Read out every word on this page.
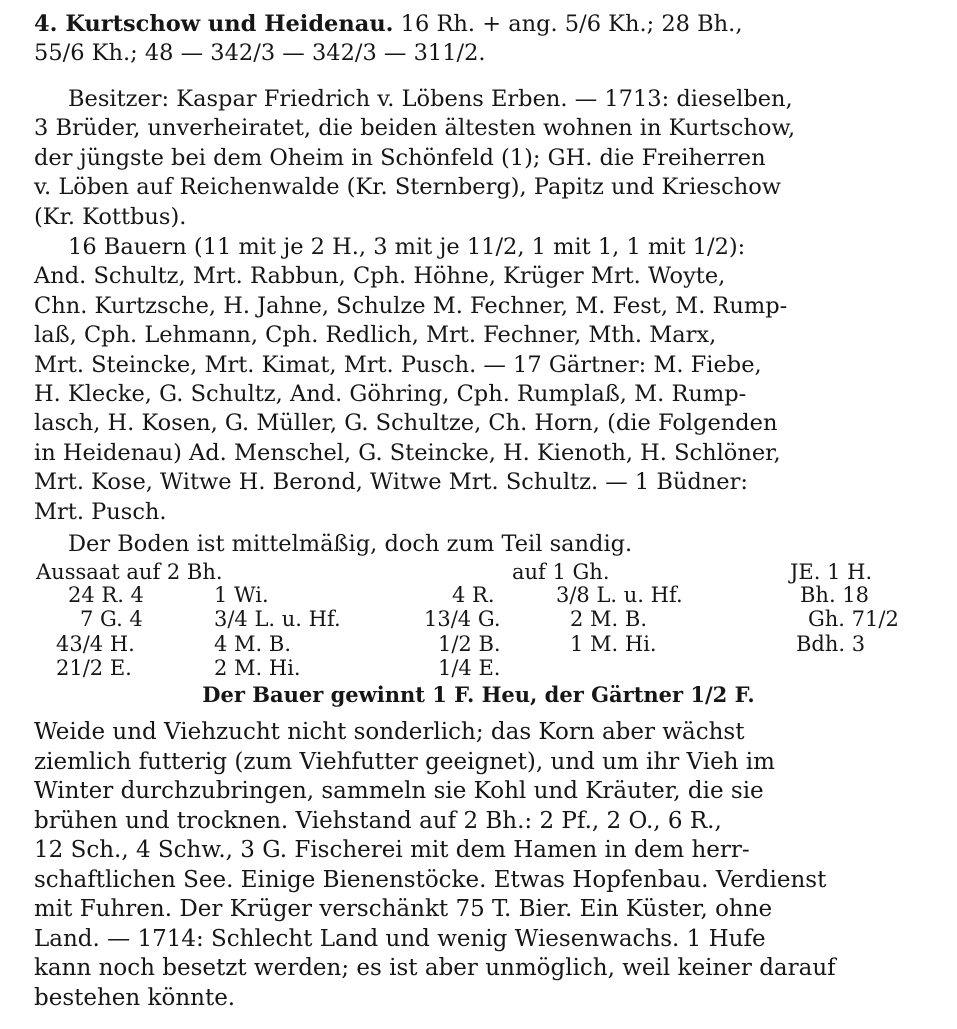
4. Kurtschow und Heidenau. 16 Rh. + ang. 5/6 Kh.; 28 Bh.,
55/6 Kh.; 48 — 342/3 — 342/3 — 311/2.
Besitzer: Kaspar Friedrich v. Löbens Erben. — 1713: dieselben,
3 Brüder, unverheiratet, die beiden ältesten wohnen in Kurtschow,
der jüngste bei dem Oheim in Schönfeld (1); GH. die Freiherren
v. Löben auf Reichenwalde (Kr. Sternberg), Papitz und Krieschow
(Kr. Kottbus).
16 Bauern (11 mit je 2 H., 3 mit je 11/2, 1 mit 1, 1 mit 1/2):
And. Schultz, Mrt. Rabbun, Cph. Höhne, Krüger Mrt. Woyte,
Chn. Kurtzsche, H. Jahne, Schulze M. Fechner, M. Fest, M. Rump-
laß, Cph. Lehmann, Cph. Redlich, Mrt. Fechner, Mth. Marx,
Mrt. Steincke, Mrt. Kimat, Mrt. Pusch. — 17 Gärtner: M. Fiebe,
H. Klecke, G. Schultz, And. Göhring, Cph. Rumplaß, M. Rump-
lasch, H. Kosen, G. Müller, G. Schultze, Ch. Horn, (die Folgenden
in Heidenau) Ad. Menschel, G. Steincke, H. Kienoth, H. Schlöner,
Mrt. Kose, Witwe H. Berond, Witwe Mrt. Schultz. — 1 Büdner:
Mrt. Pusch.
Der Boden ist mittelmäßig, doch zum Teil sandig.
Aussaat auf 2 Bh.	auf 1 Gh.	JE. 1 H.
24 R. 4
7 G. 4
43/4 H.
21/2 E.
1 Wi.
3/4 L. u. Hf.
4 M. B.
2 M. Hi.
4 R.
13/4 G.
1/2 B.
1/4 E.
3/8 L. u. Hf.
2 M. B.
1 M. Hi.
Bh. 18
Gh. 71/2
Bdh. 3
Der Bauer gewinnt 1 F. Heu, der Gärtner 1/2 F.
Weide und Viehzucht nicht sonderlich; das Korn aber wächst
ziemlich futterig (zum Viehfutter geeignet), und um ihr Vieh im
Winter durchzubringen, sammeln sie Kohl und Kräuter, die sie
brühen und trocknen. Viehstand auf 2 Bh.: 2 Pf., 2 O., 6 R.,
12 Sch., 4 Schw., 3 G. Fischerei mit dem Hamen in dem herr-
schaftlichen See. Einige Bienenstöcke. Etwas Hopfenbau. Verdienst
mit Fuhren. Der Krüger verschänkt 75 T. Bier. Ein Küster, ohne
Land. — 1714: Schlecht Land und wenig Wiesenwachs. 1 Hufe
kann noch besetzt werden; es ist aber unmöglich, weil keiner darauf
bestehen könnte.
